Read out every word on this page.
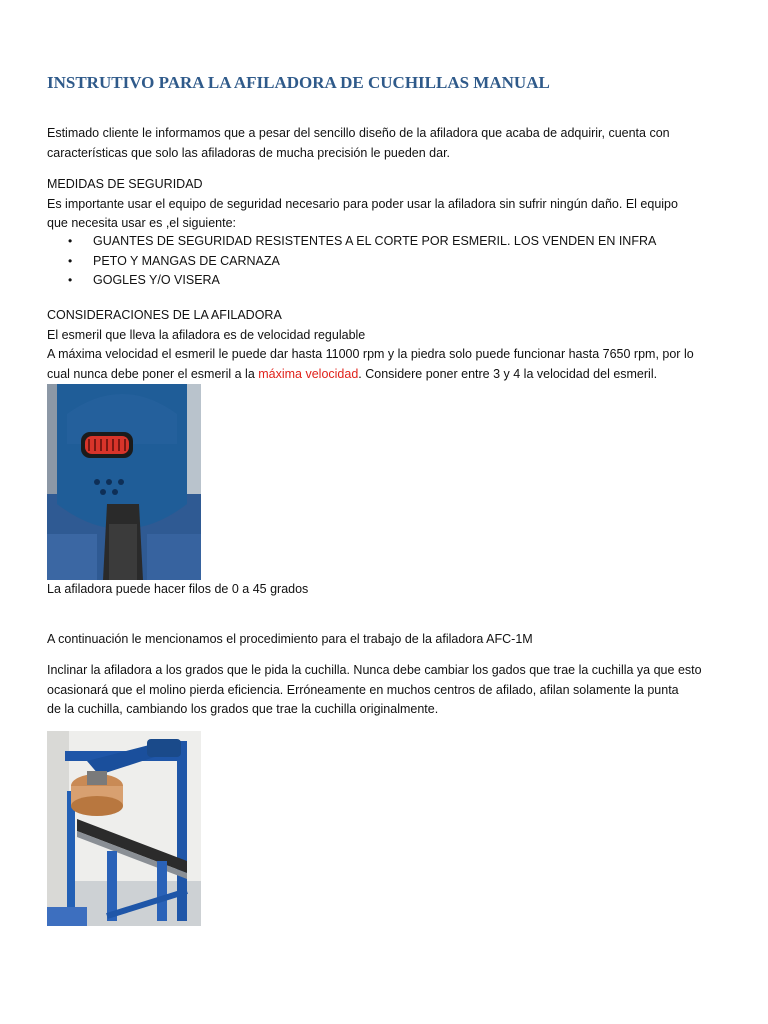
INSTRUTIVO PARA LA AFILADORA DE CUCHILLAS MANUAL

Estimado cliente le informamos que a pesar del sencillo diseño de la afiladora que acaba de adquirir, cuenta con

características que solo las afiladoras de mucha precisión le pueden dar.

MEDIDAS DE SEGURIDAD

Es importante usar el equipo de seguridad necesario para poder usar la afiladora sin sufrir ningún daño. El equipo

que necesita usar es ,el siguiente:

• GUANTES DE SEGURIDAD RESISTENTES A EL CORTE POR ESMERIL. LOS VENDEN EN INFRA
• PETO Y MANGAS DE CARNAZA
• GOGLES Y/O VISERA

CONSIDERACIONES DE LA AFILADORA

El esmeril que lleva la afiladora es de velocidad regulable

A máxima velocidad el esmeril le puede dar hasta 11000 rpm y la piedra solo puede funcionar hasta 7650 rpm, por lo

cual nunca debe poner el esmeril a la máxima velocidad. Considere poner entre 3 y 4 la velocidad del esmeril.

La afiladora puede hacer filos de 0 a 45 grados

A continuación le mencionamos el procedimiento para el trabajo de la afiladora AFC-1M

Inclinar la afiladora a los grados que le pida la cuchilla. Nunca debe cambiar los gados que trae la cuchilla ya que esto

ocasionará que el molino pierda eficiencia. Erróneamente en muchos centros de afilado, afilan solamente la punta

de la cuchilla, cambiando los grados que trae la cuchilla originalmente.
